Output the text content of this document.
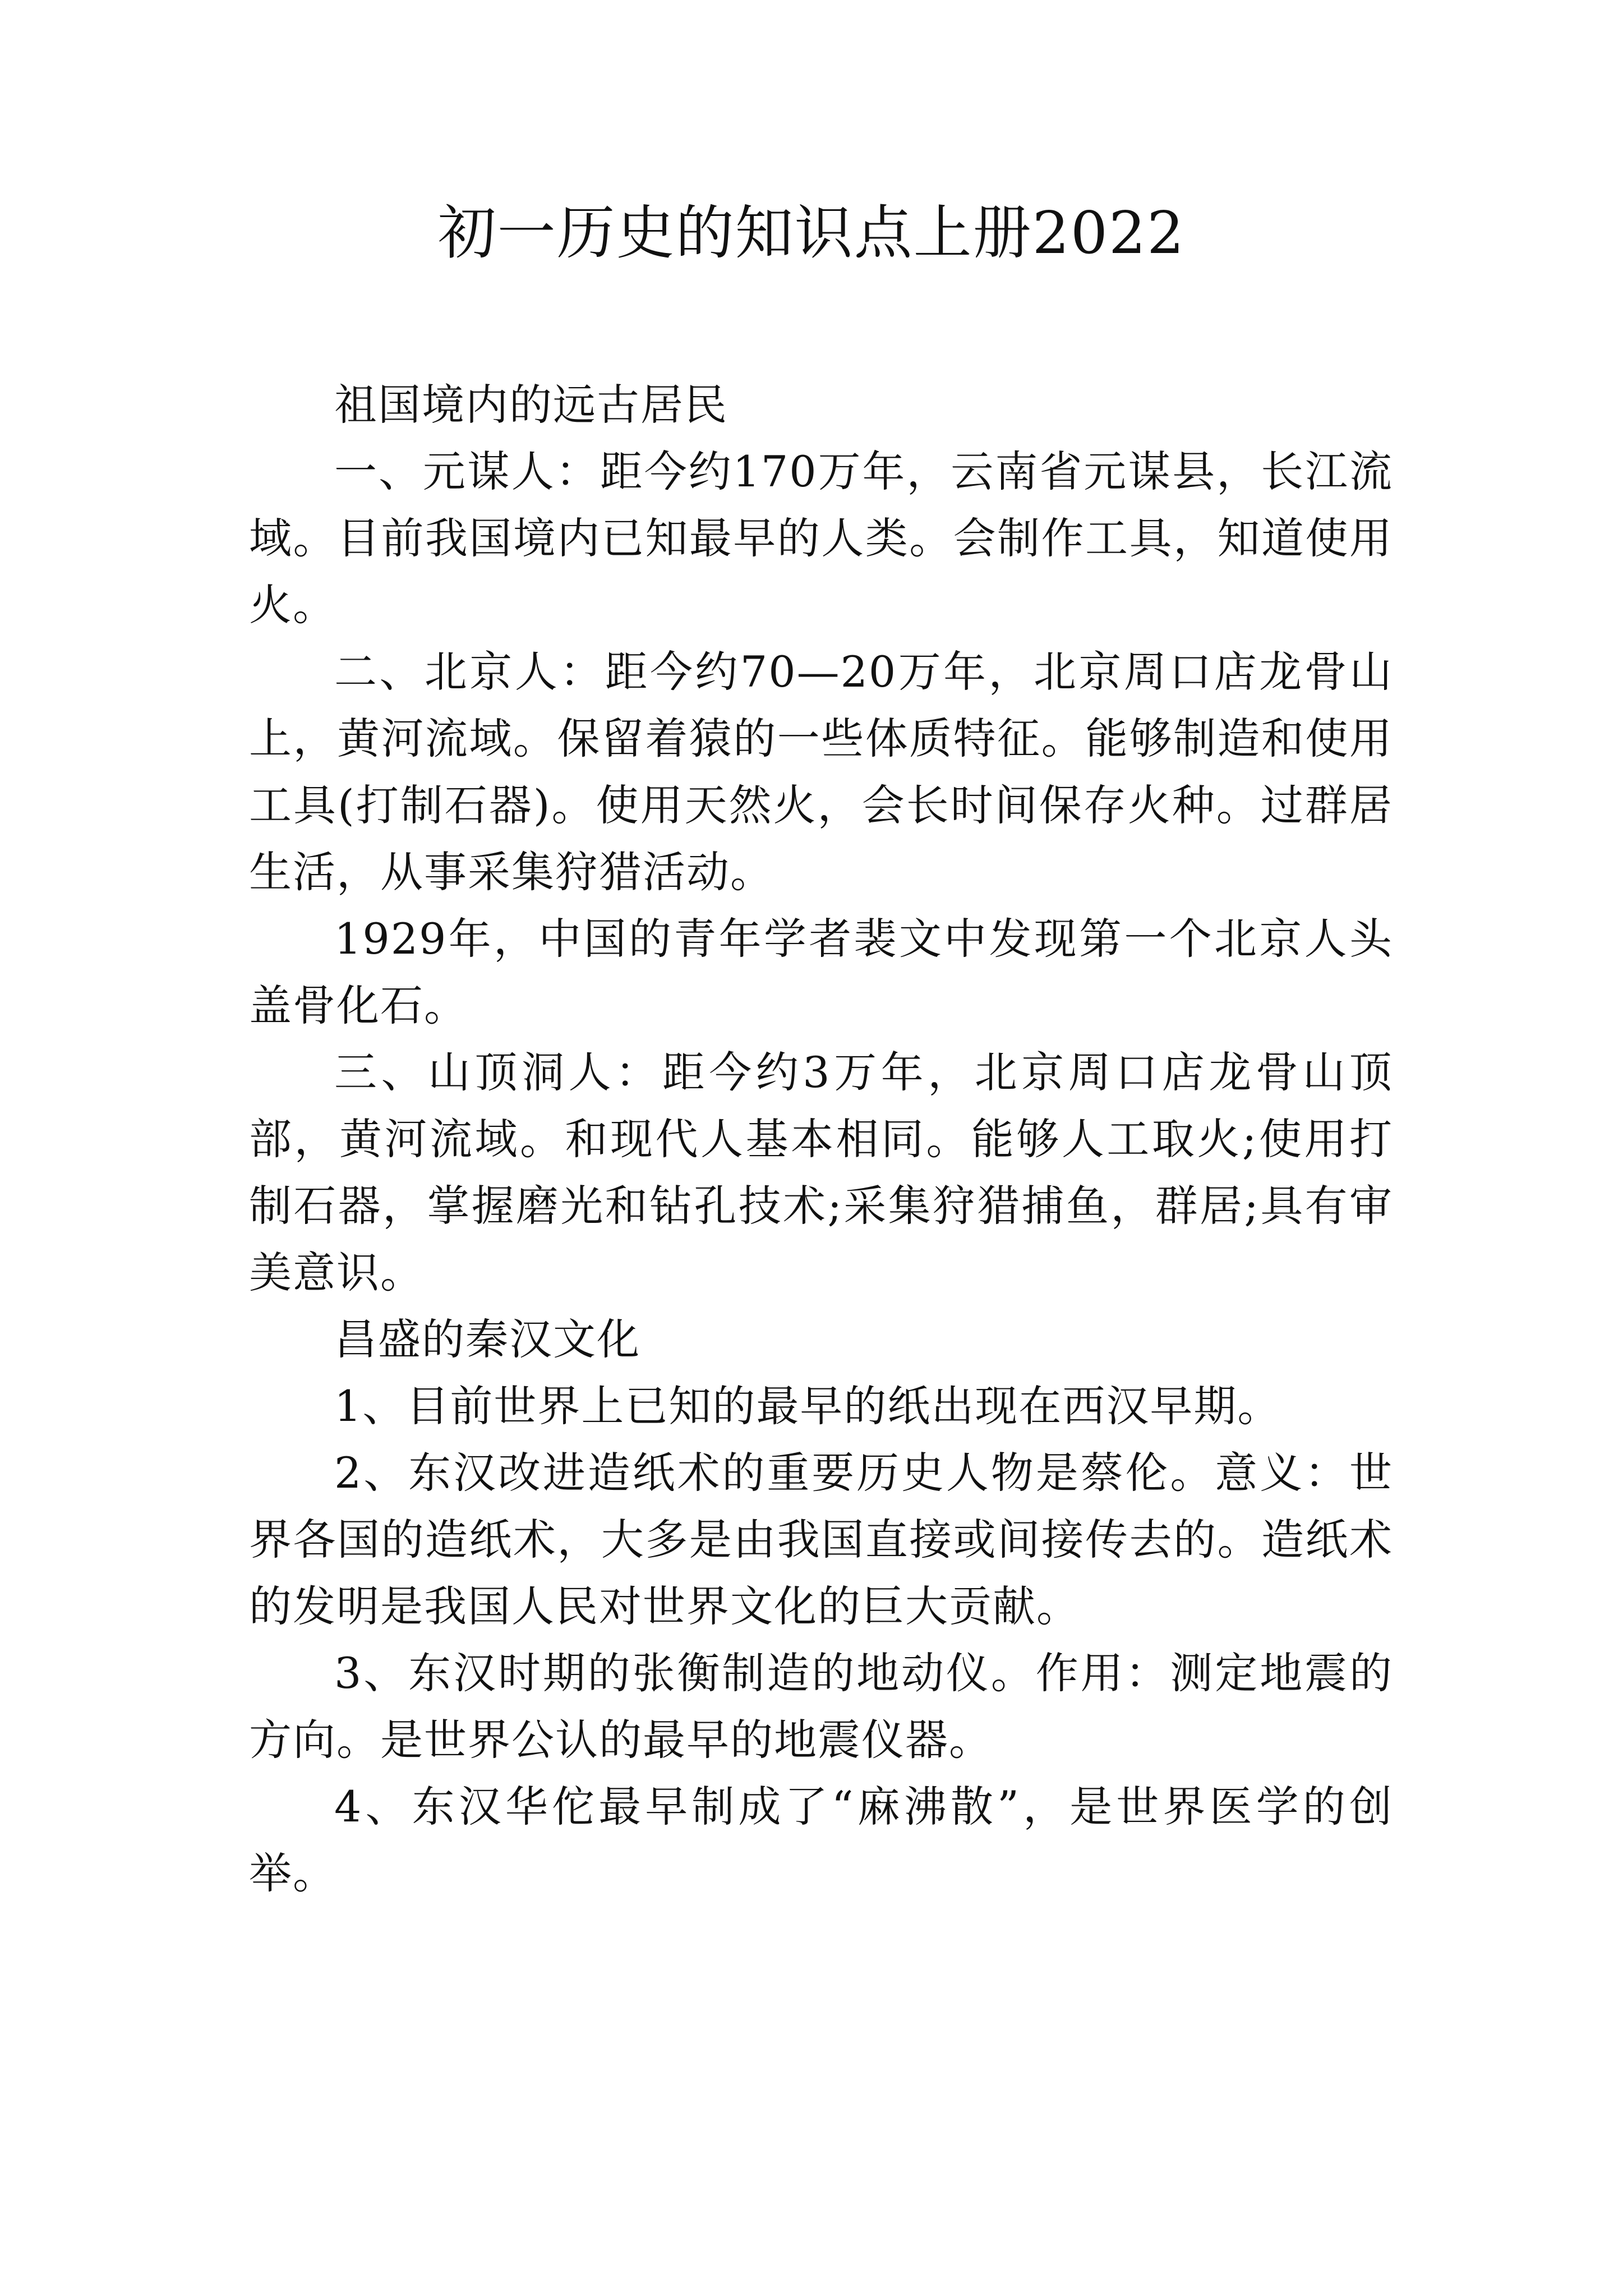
初一历史的知识点上册2022

祖国境内的远古居民

一、元谋人：距今约170万年，云南省元谋县，长江流域。目前我国境内已知最早的人类。会制作工具，知道使用火。

二、北京人：距今约70—20万年，北京周口店龙骨山上，黄河流域。保留着猿的一些体质特征。能够制造和使用工具(打制石器)。使用天然火，会长时间保存火种。过群居生活，从事采集狩猎活动。

1929年，中国的青年学者裴文中发现第一个北京人头盖骨化石。

三、山顶洞人：距今约3万年，北京周口店龙骨山顶部，黄河流域。和现代人基本相同。能够人工取火;使用打制石器，掌握磨光和钻孔技术;采集狩猎捕鱼，群居;具有审美意识。

昌盛的秦汉文化

1、目前世界上已知的最早的纸出现在西汉早期。

2、东汉改进造纸术的重要历史人物是蔡伦。意义：世界各国的造纸术，大多是由我国直接或间接传去的。造纸术的发明是我国人民对世界文化的巨大贡献。

3、东汉时期的张衡制造的地动仪。作用：测定地震的方向。是世界公认的最早的地震仪器。

4、东汉华佗最早制成了“麻沸散”，是世界医学的创举。
